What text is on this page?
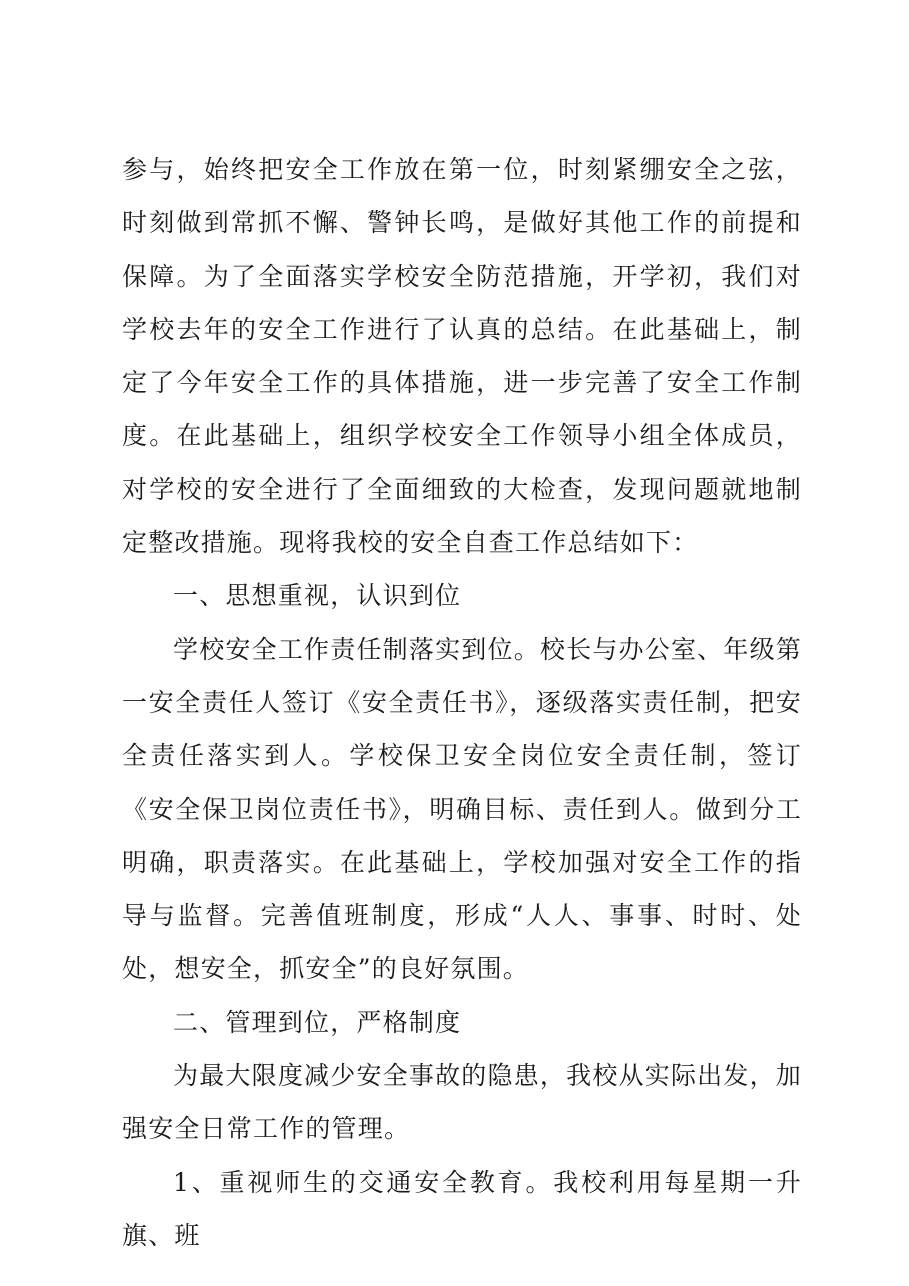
参与，始终把安全工作放在第一位，时刻紧绷安全之弦，时刻做到常抓不懈、警钟长鸣，是做好其他工作的前提和保障。为了全面落实学校安全防范措施，开学初，我们对学校去年的安全工作进行了认真的总结。在此基础上，制定了今年安全工作的具体措施，进一步完善了安全工作制度。在此基础上，组织学校安全工作领导小组全体成员，对学校的安全进行了全面细致的大检查，发现问题就地制定整改措施。现将我校的安全自查工作总结如下：

一、思想重视，认识到位

学校安全工作责任制落实到位。校长与办公室、年级第一安全责任人签订《安全责任书》，逐级落实责任制，把安全责任落实到人。学校保卫安全岗位安全责任制，签订《安全保卫岗位责任书》，明确目标、责任到人。做到分工明确，职责落实。在此基础上，学校加强对安全工作的指导与监督。完善值班制度，形成“人人、事事、时时、处处，想安全，抓安全”的良好氛围。

二、管理到位，严格制度

为最大限度减少安全事故的隐患，我校从实际出发，加强安全日常工作的管理。

1、重视师生的交通安全教育。我校利用每星期一升旗、班
